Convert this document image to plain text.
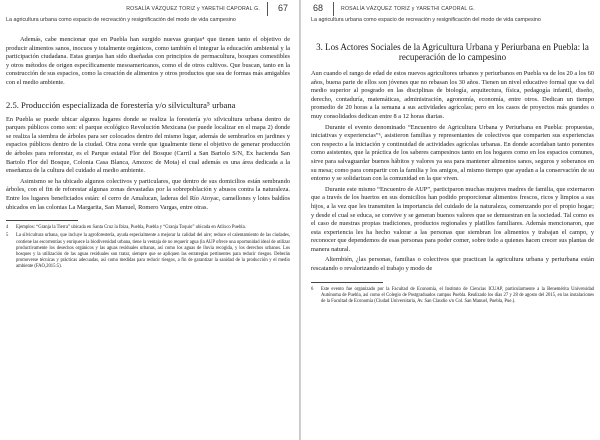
ROSALÍA VÁZQUEZ TORIZ y YARETHI CAPORAL G. 67
La agricultura urbana como espacio de recreación y resignificación del modo de vida campesino

Además, cabe mencionar que en Puebla han surgido nuevas granjas⁴ que tienen tanto el objetivo de producir alimentos sanos, inocuos y totalmente orgánicos, como también el integrar la educación ambiental y la participación ciudadana. Estas granjas han sido diseñadas con principios de permacultura, bosques comestibles y otros métodos de origen específicamente mesoamericanos, como el de otros cultivos. Que buscan, tanto en la construcción de sus espacios, como la creación de alimentos y otros productos que sea de formas más amigables con el medio ambiente.

2.5. Producción especializada de forestería y/o silvicultura⁵ urbana

En Puebla se puede ubicar algunos lugares donde se realiza la forestería y/o silvicultura urbana dentro de parques públicos como son: el parque ecológico Revolución Mexicana (se puede localizar en el mapa 2) donde se realiza la siembra de árboles para ser colocados dentro del mismo lugar, además de sembrarlos en jardines y espacios públicos dentro de la ciudad. Otra zona verde que igualmente tiene el objetivo de generar producción de árboles para reforestar, es el Parque estatal Flor del Bosque (Carril a San Bartolo S/N, Ex hacienda San Bartolo Flor del Bosque, Colonia Casa Blanca, Amozoc de Mota) el cual además es una área dedicada a la enseñanza de la cultura del cuidado al medio ambiente.

Asimismo se ha ubicado algunos colectivos y particulares, que dentro de sus domicilios están sembrando árboles, con el fin de reforestar algunas zonas devastadas por la sobrepoblación y abusos contra la naturaleza. Entre los lugares beneficiados están: el cerro de Amalucan, laderas del Río Atoyac, camellones y lotes baldíos ubicados en las colonias La Margarita, San Manuel, Romero Vargas, entre otras.

4	Ejemplos: “Granja la Tierra” ubicada en Santa Cruz la Ibiza, Puebla, Puebla y “Granja Toquio” ubicada en Atlixco Puebla.
5	La silvicultura urbana, que incluye la agroforestería, ayuda especialmente a mejorar la calidad del aire; reduce el calentamiento de las ciudades, contiene las escorrentías y enriquece la biodiversidad urbana, tiene la ventaja de no requerir agua (la AUP ofrece una oportunidad ideal de utilizar productivamente los desechos orgánicos y las aguas residuales urbanas, así como los aguas de lluvia recogida, y los derechos urbanos. Los bosques y la utilización de las aguas residuales son tratar, siempre que se apliquen las estrategias pertinentes para reducir riesgos. Deberán promoverse técnicas y prácticas adecuadas, así como medidas para reducir riesgos, a fin de garantizar la sanidad de la producción y el medio ambiente (FAO,2015:5).
68	ROSALÍA VÁZQUEZ TORIZ y YARETHI CAPORAL G.
La agricultura urbana como espacio de recreación y resignificación del modo de vida campesino
3. Los Actores Sociales de la Agricultura Urbana y Periurbana en Puebla: la recuperación de lo campesino

Aun cuando el rango de edad de estos nuevos agricultores urbanos y periurbanos en Puebla va de los 20 a los 60 años, buena parte de ellos son jóvenes que no rebasan los 30 años. Tienen un nivel educativo formal que va del medio superior al posgrado en las disciplinas de biología, arquitectura, física, pedagogía infantil, diseño, derecho, contaduría, matemáticas, administración, agronomía, economía, entre otros. Dedican un tiempo promedio de 20 horas a la semana a sus actividades agrícolas; pero en los casos de proyectos más grandes o muy consolidados dedican entre 8 a 12 horas diarias.

Durante el evento denominado “Encuentro de Agricultura Urbana y Periurbana en Puebla: propuestas, iniciativas y experiencias”⁶, asistieron familias y representantes de colectivos que comparten sus experiencias con respecto a la iniciación y continuidad de actividades agrícolas urbanas. En donde acordaban tanto ponentes como asistentes, que la práctica de los saberes campesinos tanto en los hogares como en los espacios comunes, sirve para salvaguardar buenos hábitos y valores ya sea para mantener alimentos sanos, seguros y soberanos en su mesa; como para compartir con la familia y los amigos, al mismo tiempo que ayudan a la conservación de su entorno y se solidarizan con la comunidad en la que viven.

Durante este mismo “Encuentro de AUP”, participaron muchas mujeres madres de familia, que externaron que a través de los huertos en sus domicilios han podido proporcionar alimentos frescos, ricos y limpios a sus hijos, a la vez que les transmiten la importancia del cuidado de la naturaleza, comenzando por el propio hogar; y desde el cual se educa, se convive y se generan buenos valores que se demuestran en la sociedad. Tal como es el caso de nuestras propias tradiciones, productos regionales y platillos familiares. Además mencionaron, que esta experiencia les ha hecho valorar a las personas que siembran los alimentos y trabajan el campo, y reconocer que dependemos de esas personas para poder comer, sobre todo a quienes hacen crecer sus plantas de manera natural.

Alternbién, ¿las personas, familias o colectivos que practican la agricultura urbana y periurbana están rescatando o revalorizando el trabajo y modo de

6	Este evento fue organizado por la Facultad de Economía, el Instituto de Ciencias ICUAP, particularmente a la Benemérita Universidad Autónoma de Puebla, así como el Colegio de Postgraduados campus Puebla. Realizado los días 27 y 28 de agosto del 2015, en las instalaciones de la Facultad de Economía (Ciudad Universitaria, Av. San Claudio s/n Col. San Manuel, Puebla, Pue.).
